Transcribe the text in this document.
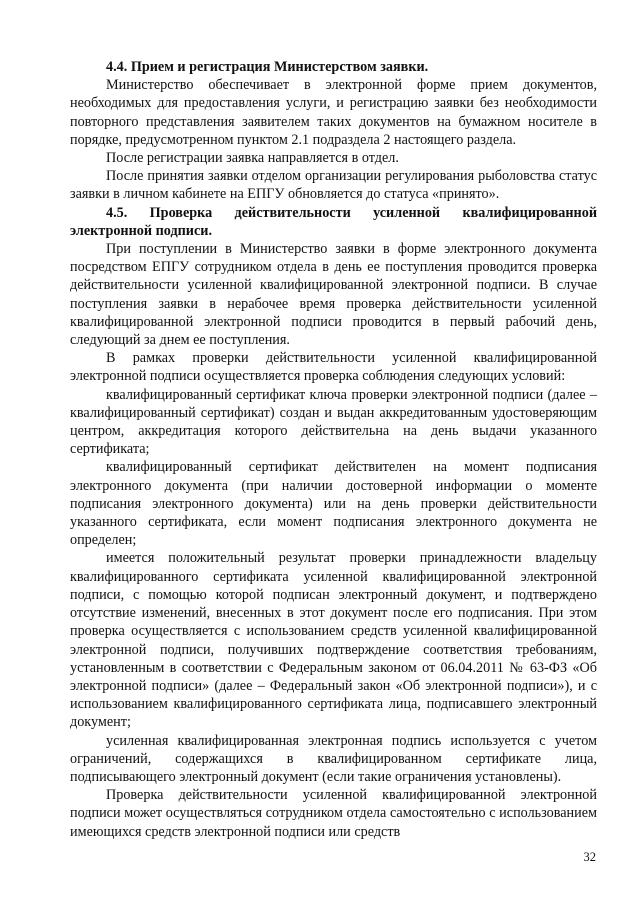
4.4. Прием и регистрация Министерством заявки.

Министерство обеспечивает в электронной форме прием документов, необходимых для предоставления услуги, и регистрацию заявки без необходимости повторного представления заявителем таких документов на бумажном носителе в порядке, предусмотренном пунктом 2.1 подраздела 2 настоящего раздела.

После регистрации заявка направляется в отдел.

После принятия заявки отделом организации регулирования рыболовства статус заявки в личном кабинете на ЕПГУ обновляется до статуса «принято».

4.5. Проверка действительности усиленной квалифицированной электронной подписи.

При поступлении в Министерство заявки в форме электронного документа посредством ЕПГУ сотрудником отдела в день ее поступления проводится проверка действительности усиленной квалифицированной электронной подписи. В случае поступления заявки в нерабочее время проверка действительности усиленной квалифицированной электронной подписи проводится в первый рабочий день, следующий за днем ее поступления.

В рамках проверки действительности усиленной квалифицированной электронной подписи осуществляется проверка соблюдения следующих условий:

квалифицированный сертификат ключа проверки электронной подписи (далее – квалифицированный сертификат) создан и выдан аккредитованным удостоверяющим центром, аккредитация которого действительна на день выдачи указанного сертификата;

квалифицированный сертификат действителен на момент подписания электронного документа (при наличии достоверной информации о моменте подписания электронного документа) или на день проверки действительности указанного сертификата, если момент подписания электронного документа не определен;

имеется положительный результат проверки принадлежности владельцу квалифицированного сертификата усиленной квалифицированной электронной подписи, с помощью которой подписан электронный документ, и подтверждено отсутствие изменений, внесенных в этот документ после его подписания. При этом проверка осуществляется с использованием средств усиленной квалифицированной электронной подписи, получивших подтверждение соответствия требованиям, установленным в соответствии с Федеральным законом от 06.04.2011 № 63-ФЗ «Об электронной подписи» (далее – Федеральный закон «Об электронной подписи»), и с использованием квалифицированного сертификата лица, подписавшего электронный документ;

усиленная квалифицированная электронная подпись используется с учетом ограничений, содержащихся в квалифицированном сертификате лица, подписывающего электронный документ (если такие ограничения установлены).

Проверка действительности усиленной квалифицированной электронной подписи может осуществляться сотрудником отдела самостоятельно с использованием имеющихся средств электронной подписи или средств

32
